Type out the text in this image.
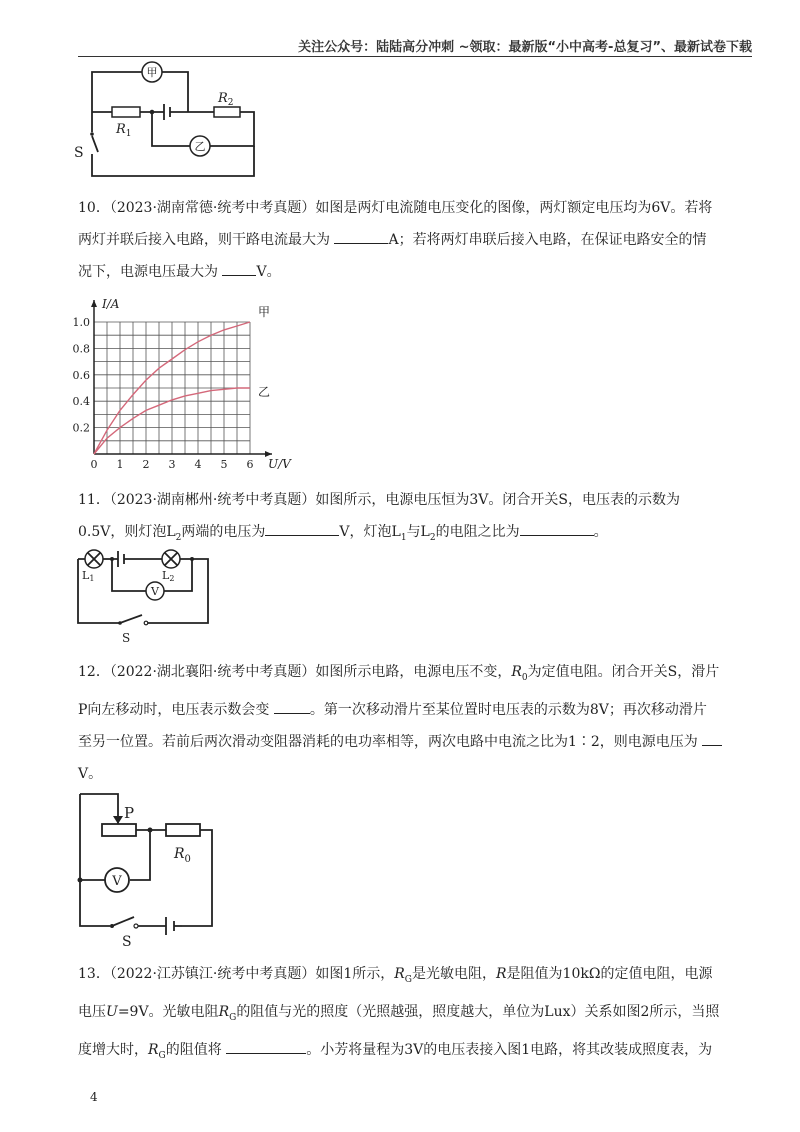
关注公众号：陆陆高分冲刺 ~领取：最新版“小中高考-总复习”、最新试卷下载
甲
乙
$R_1$
$R_2$
S

10．（2023·湖南常德·统考中考真题）如图是两灯电流随电压变化的图像，两灯额定电压均为6V。若将

两灯并联后接入电路，则干路电流最大为	A；若将两灯串联后接入电路，在保证电路安全的情

况下，电源电压最大为 V。

0 1 2 3 4 5 6
0.2
0.4
0.6
0.8
1.0
I/A
U/V
甲
乙

11．（2023·湖南郴州·统考中考真题）如图所示，电源电压恒为3V。闭合开关S，电压表的示数为

0.5V，则灯泡$L_2$两端的电压为	V，灯泡$L_1$与$L_2$的电阻之比为	。

V
L1	L2
S

12．（2022·湖北襄阳·统考中考真题）如图所示电路，电源电压不变，$R_0$为定值电阻。闭合开关S，滑片

P向左移动时，电压表示数会变	。第一次移动滑片至某位置时电压表的示数为8V；再次移动滑片

至另一位置。若前后两次滑动变阻器消耗的电功率相等，两次电路中电流之比为1∶2，则电源电压为

V。

P
V
$R_0$
S

13．（2022·江苏镇江·统考中考真题）如图1所示，$R_G$是光敏电阻，R是阻值为10kΩ的定值电阻，电源

电压U=9V。光敏电阻$R_G$的阻值与光的照度（光照越强，照度越大，单位为Lux）关系如图2所示，当照

度增大时，$R_G$的阻值将	。小芳将量程为3V的电压表接入图1电路，将其改装成照度表，为

4
